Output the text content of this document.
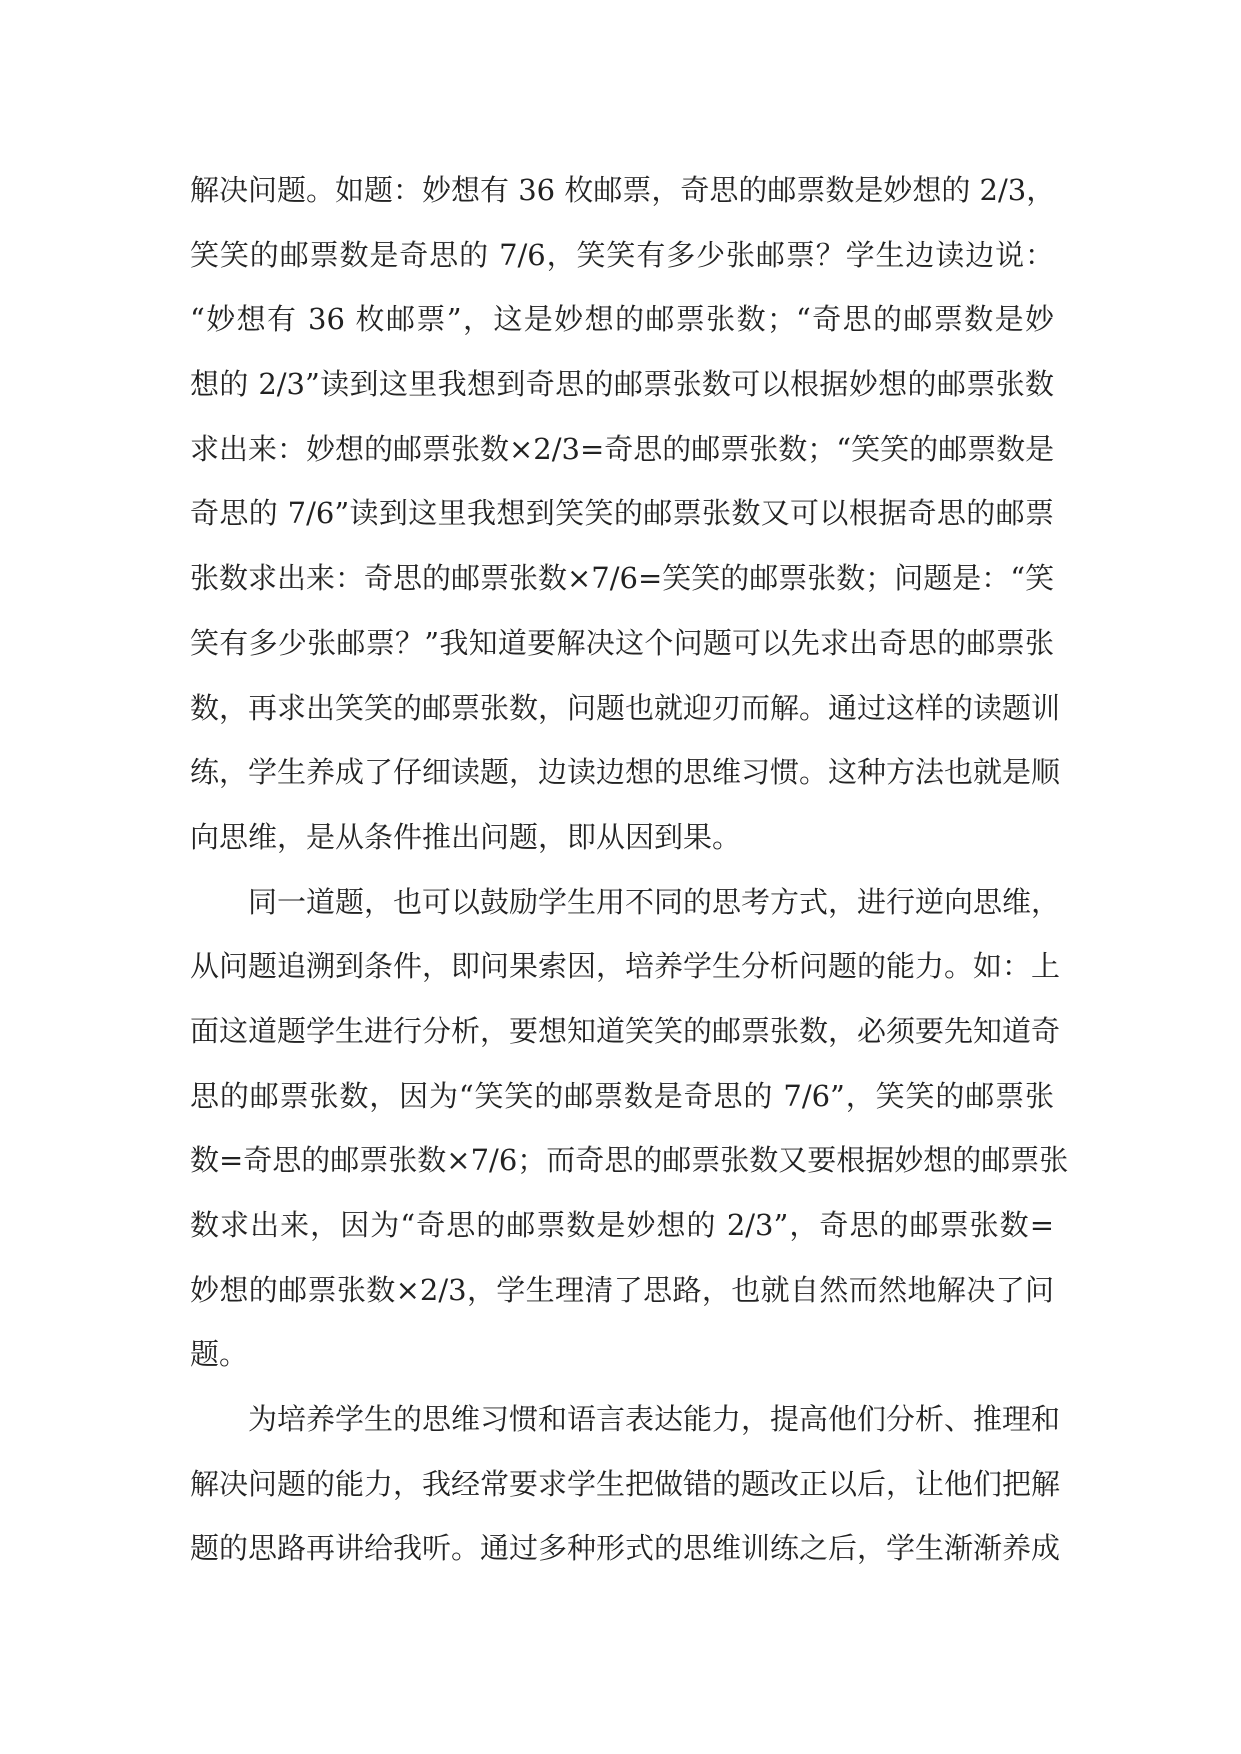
解决问题。如题：妙想有 36 枚邮票，奇思的邮票数是妙想的 2/3，
笑笑的邮票数是奇思的 7/6，笑笑有多少张邮票？学生边读边说：
“妙想有 36 枚邮票”，这是妙想的邮票张数；“奇思的邮票数是妙
想的 2/3”读到这里我想到奇思的邮票张数可以根据妙想的邮票张数
求出来：妙想的邮票张数×2/3=奇思的邮票张数；“笑笑的邮票数是
奇思的 7/6”读到这里我想到笑笑的邮票张数又可以根据奇思的邮票
张数求出来：奇思的邮票张数×7/6=笑笑的邮票张数；问题是：“笑
笑有多少张邮票？”我知道要解决这个问题可以先求出奇思的邮票张
数，再求出笑笑的邮票张数，问题也就迎刃而解。通过这样的读题训
练，学生养成了仔细读题，边读边想的思维习惯。这种方法也就是顺
向思维，是从条件推出问题，即从因到果。
同一道题，也可以鼓励学生用不同的思考方式，进行逆向思维，
从问题追溯到条件，即问果索因，培养学生分析问题的能力。如：上
面这道题学生进行分析，要想知道笑笑的邮票张数，必须要先知道奇
思的邮票张数，因为“笑笑的邮票数是奇思的 7/6”，笑笑的邮票张
数=奇思的邮票张数×7/6；而奇思的邮票张数又要根据妙想的邮票张
数求出来，因为“奇思的邮票数是妙想的 2/3”，奇思的邮票张数=
妙想的邮票张数×2/3，学生理清了思路，也就自然而然地解决了问
题。
为培养学生的思维习惯和语言表达能力，提高他们分析、推理和
解决问题的能力，我经常要求学生把做错的题改正以后，让他们把解
题的思路再讲给我听。通过多种形式的思维训练之后，学生渐渐养成
